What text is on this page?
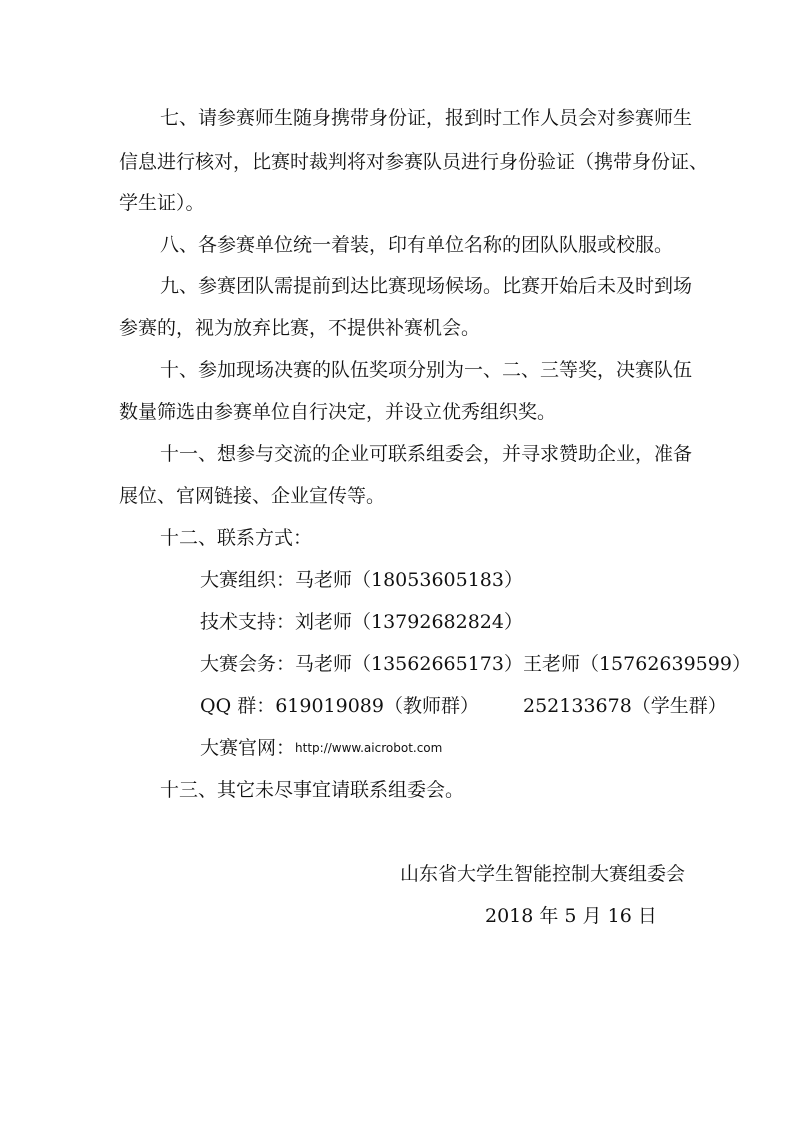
七、请参赛师生随身携带身份证，报到时工作人员会对参赛师生
信息进行核对，比赛时裁判将对参赛队员进行身份验证（携带身份证、
学生证）。
八、各参赛单位统一着装，印有单位名称的团队队服或校服。
九、参赛团队需提前到达比赛现场候场。比赛开始后未及时到场
参赛的，视为放弃比赛，不提供补赛机会。
十、参加现场决赛的队伍奖项分别为一、二、三等奖，决赛队伍
数量筛选由参赛单位自行决定，并设立优秀组织奖。
十一、想参与交流的企业可联系组委会，并寻求赞助企业，准备
展位、官网链接、企业宣传等。
十二、联系方式：
大赛组织：马老师（18053605183）
技术支持：刘老师（13792682824）
大赛会务：马老师（13562665173）王老师（15762639599）
QQ 群：619019089（教师群） 252133678（学生群）
大赛官网：http://www.aicrobot.com
十三、其它未尽事宜请联系组委会。
山东省大学生智能控制大赛组委会
2018 年 5 月 16 日
